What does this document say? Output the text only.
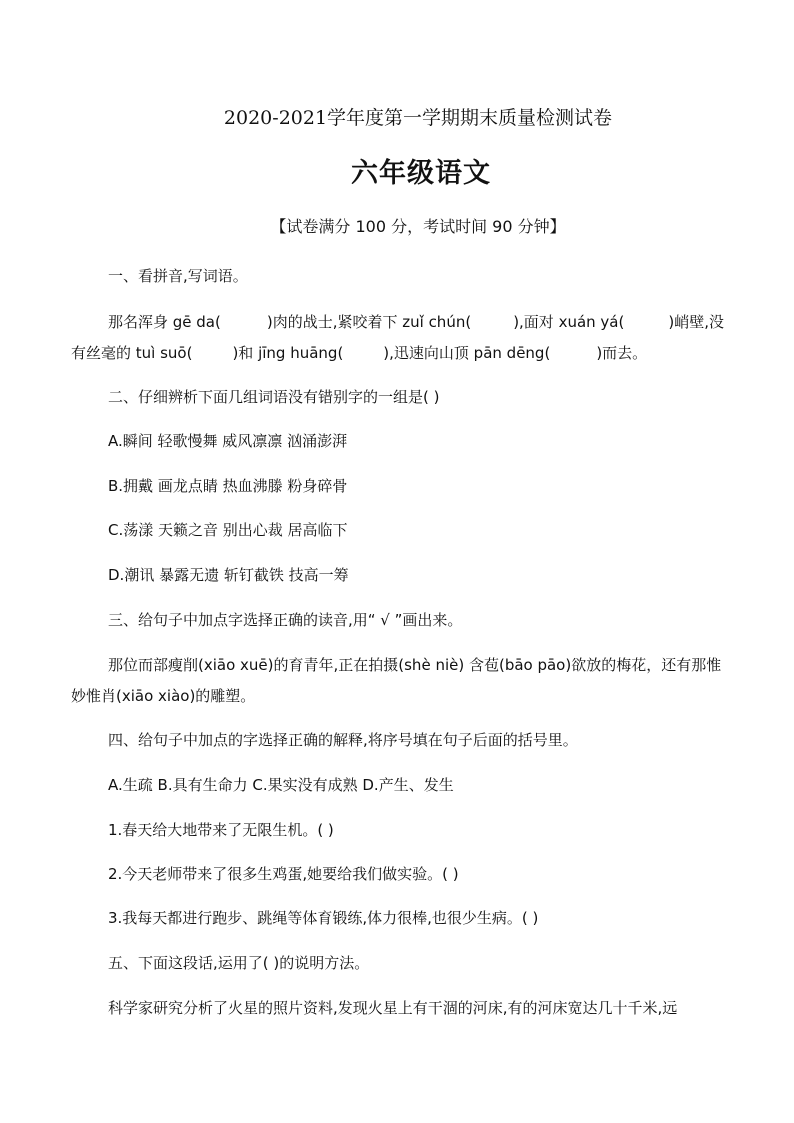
2020-2021学年度第一学期期末质量检测试卷
六年级语文
【试卷满分 100 分，考试时间 90 分钟】
一、看拼音,写词语。
那名浑身 gē da(	)肉的战士,紧咬着下 zuǐ chún(	),面对 xuán yá(	)峭壁,没
有丝毫的 tuì suō(	)和 jīng huāng(	),迅速向山顶 pān dēng(	)而去。
二、仔细辨析下面几组词语没有错别字的一组是( )
A.瞬间 轻歌慢舞 威风凛凛 汹涌澎湃
B.拥戴 画龙点睛 热血沸滕 粉身碎骨
C.荡漾 天籁之音 别出心裁 居高临下
D.潮讯 暴露无遗 斩钉截铁 技高一筹
三、给句子中加点字选择正确的读音,用“ √ ”画出来。
那位而部瘦削(xiāo xuē)的育青年,正在拍摄(shè niè) 含苞(bāo pāo)欲放的梅花，还有那惟
妙惟肖(xiāo xiào)的雕塑。
四、给句子中加点的字选择正确的解释,将序号填在句子后面的括号里。
A.生疏 B.具有生命力 C.果实没有成熟 D.产生、发生
1.春天给大地带来了无限生机。( )
2.今天老师带来了很多生鸡蛋,她要给我们做实验。( )
3.我每天都进行跑步、跳绳等体育锻练,体力很棒,也很少生病。( )
五、下面这段话,运用了( )的说明方法。
科学家研究分析了火星的照片资料,发现火星上有干涸的河床,有的河床宽达几十千米,远
